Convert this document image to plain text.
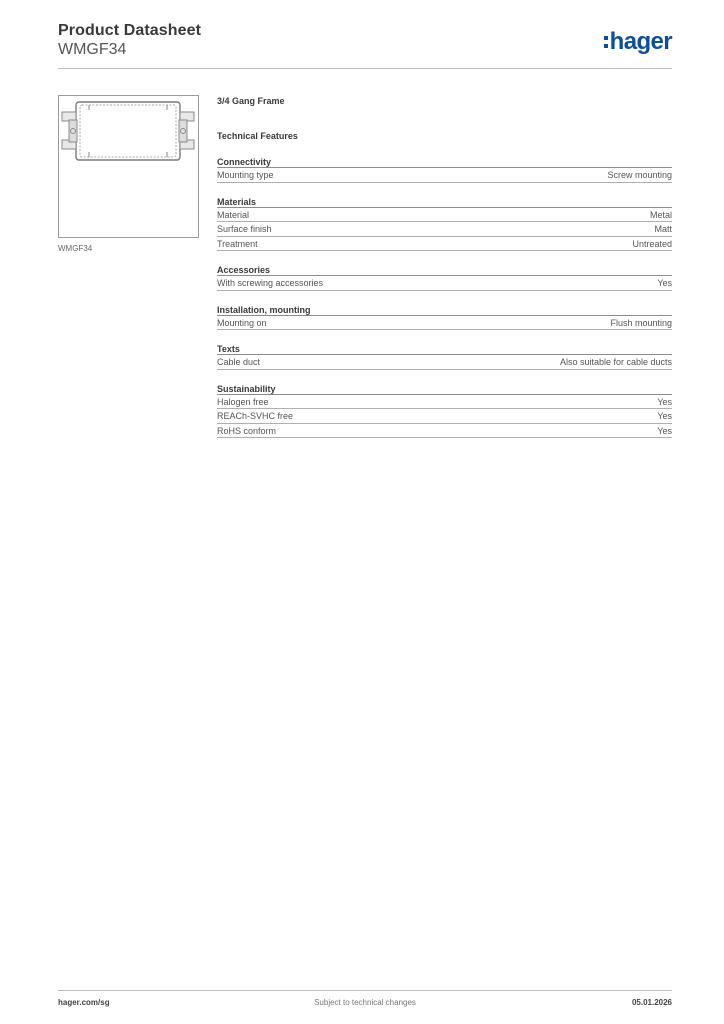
Product Datasheet
WMGF34	hager
WMGF34
3/4 Gang Frame
Technical Features
Connectivity
Mounting type	Screw mounting
Materials
Material	Metal
Surface finish	Matt
Treatment	Untreated
Accessories
With screwing accessories	Yes
Installation, mounting
Mounting on	Flush mounting
Texts
Cable duct	Also suitable for cable ducts
Sustainability
Halogen free	Yes
REACh-SVHC free	Yes
RoHS conform	Yes
Subject to technical changes
hager.com/sg	05.01.2026
